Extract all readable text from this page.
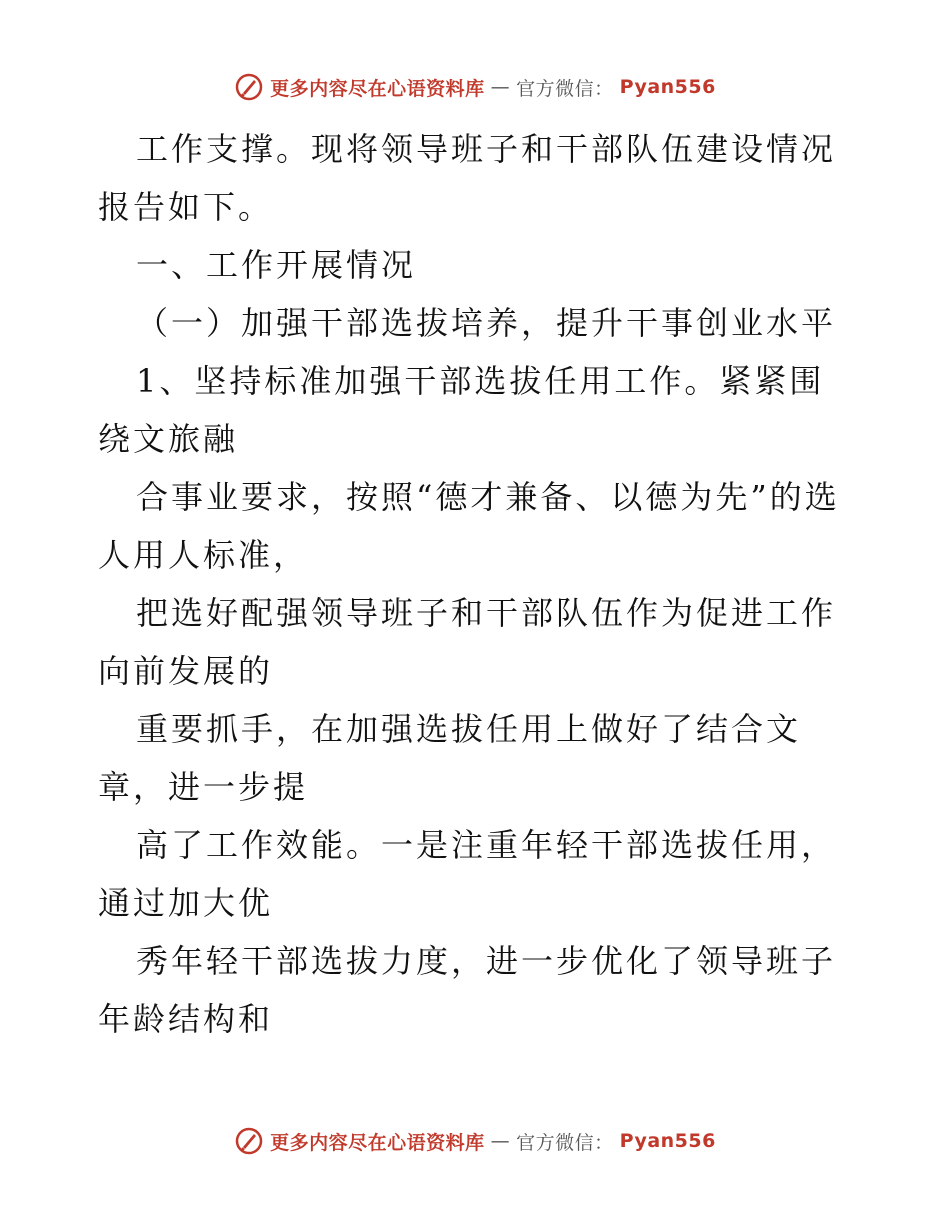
更多内容尽在心语资料库 — 官方微信： Pyan556

工作支撑。现将领导班子和干部队伍建设情况报告如下。

一、工作开展情况

（一）加强干部选拔培养，提升干事创业水平

1、坚持标准加强干部选拔任用工作。紧紧围绕文旅融

合事业要求，按照“德才兼备、以德为先”的选人用人标准，

把选好配强领导班子和干部队伍作为促进工作向前发展的

重要抓手，在加强选拔任用上做好了结合文章，进一步提

高了工作效能。一是注重年轻干部选拔任用，通过加大优

秀年轻干部选拔力度，进一步优化了领导班子年龄结构和

更多内容尽在心语资料库 — 官方微信： Pyan556
